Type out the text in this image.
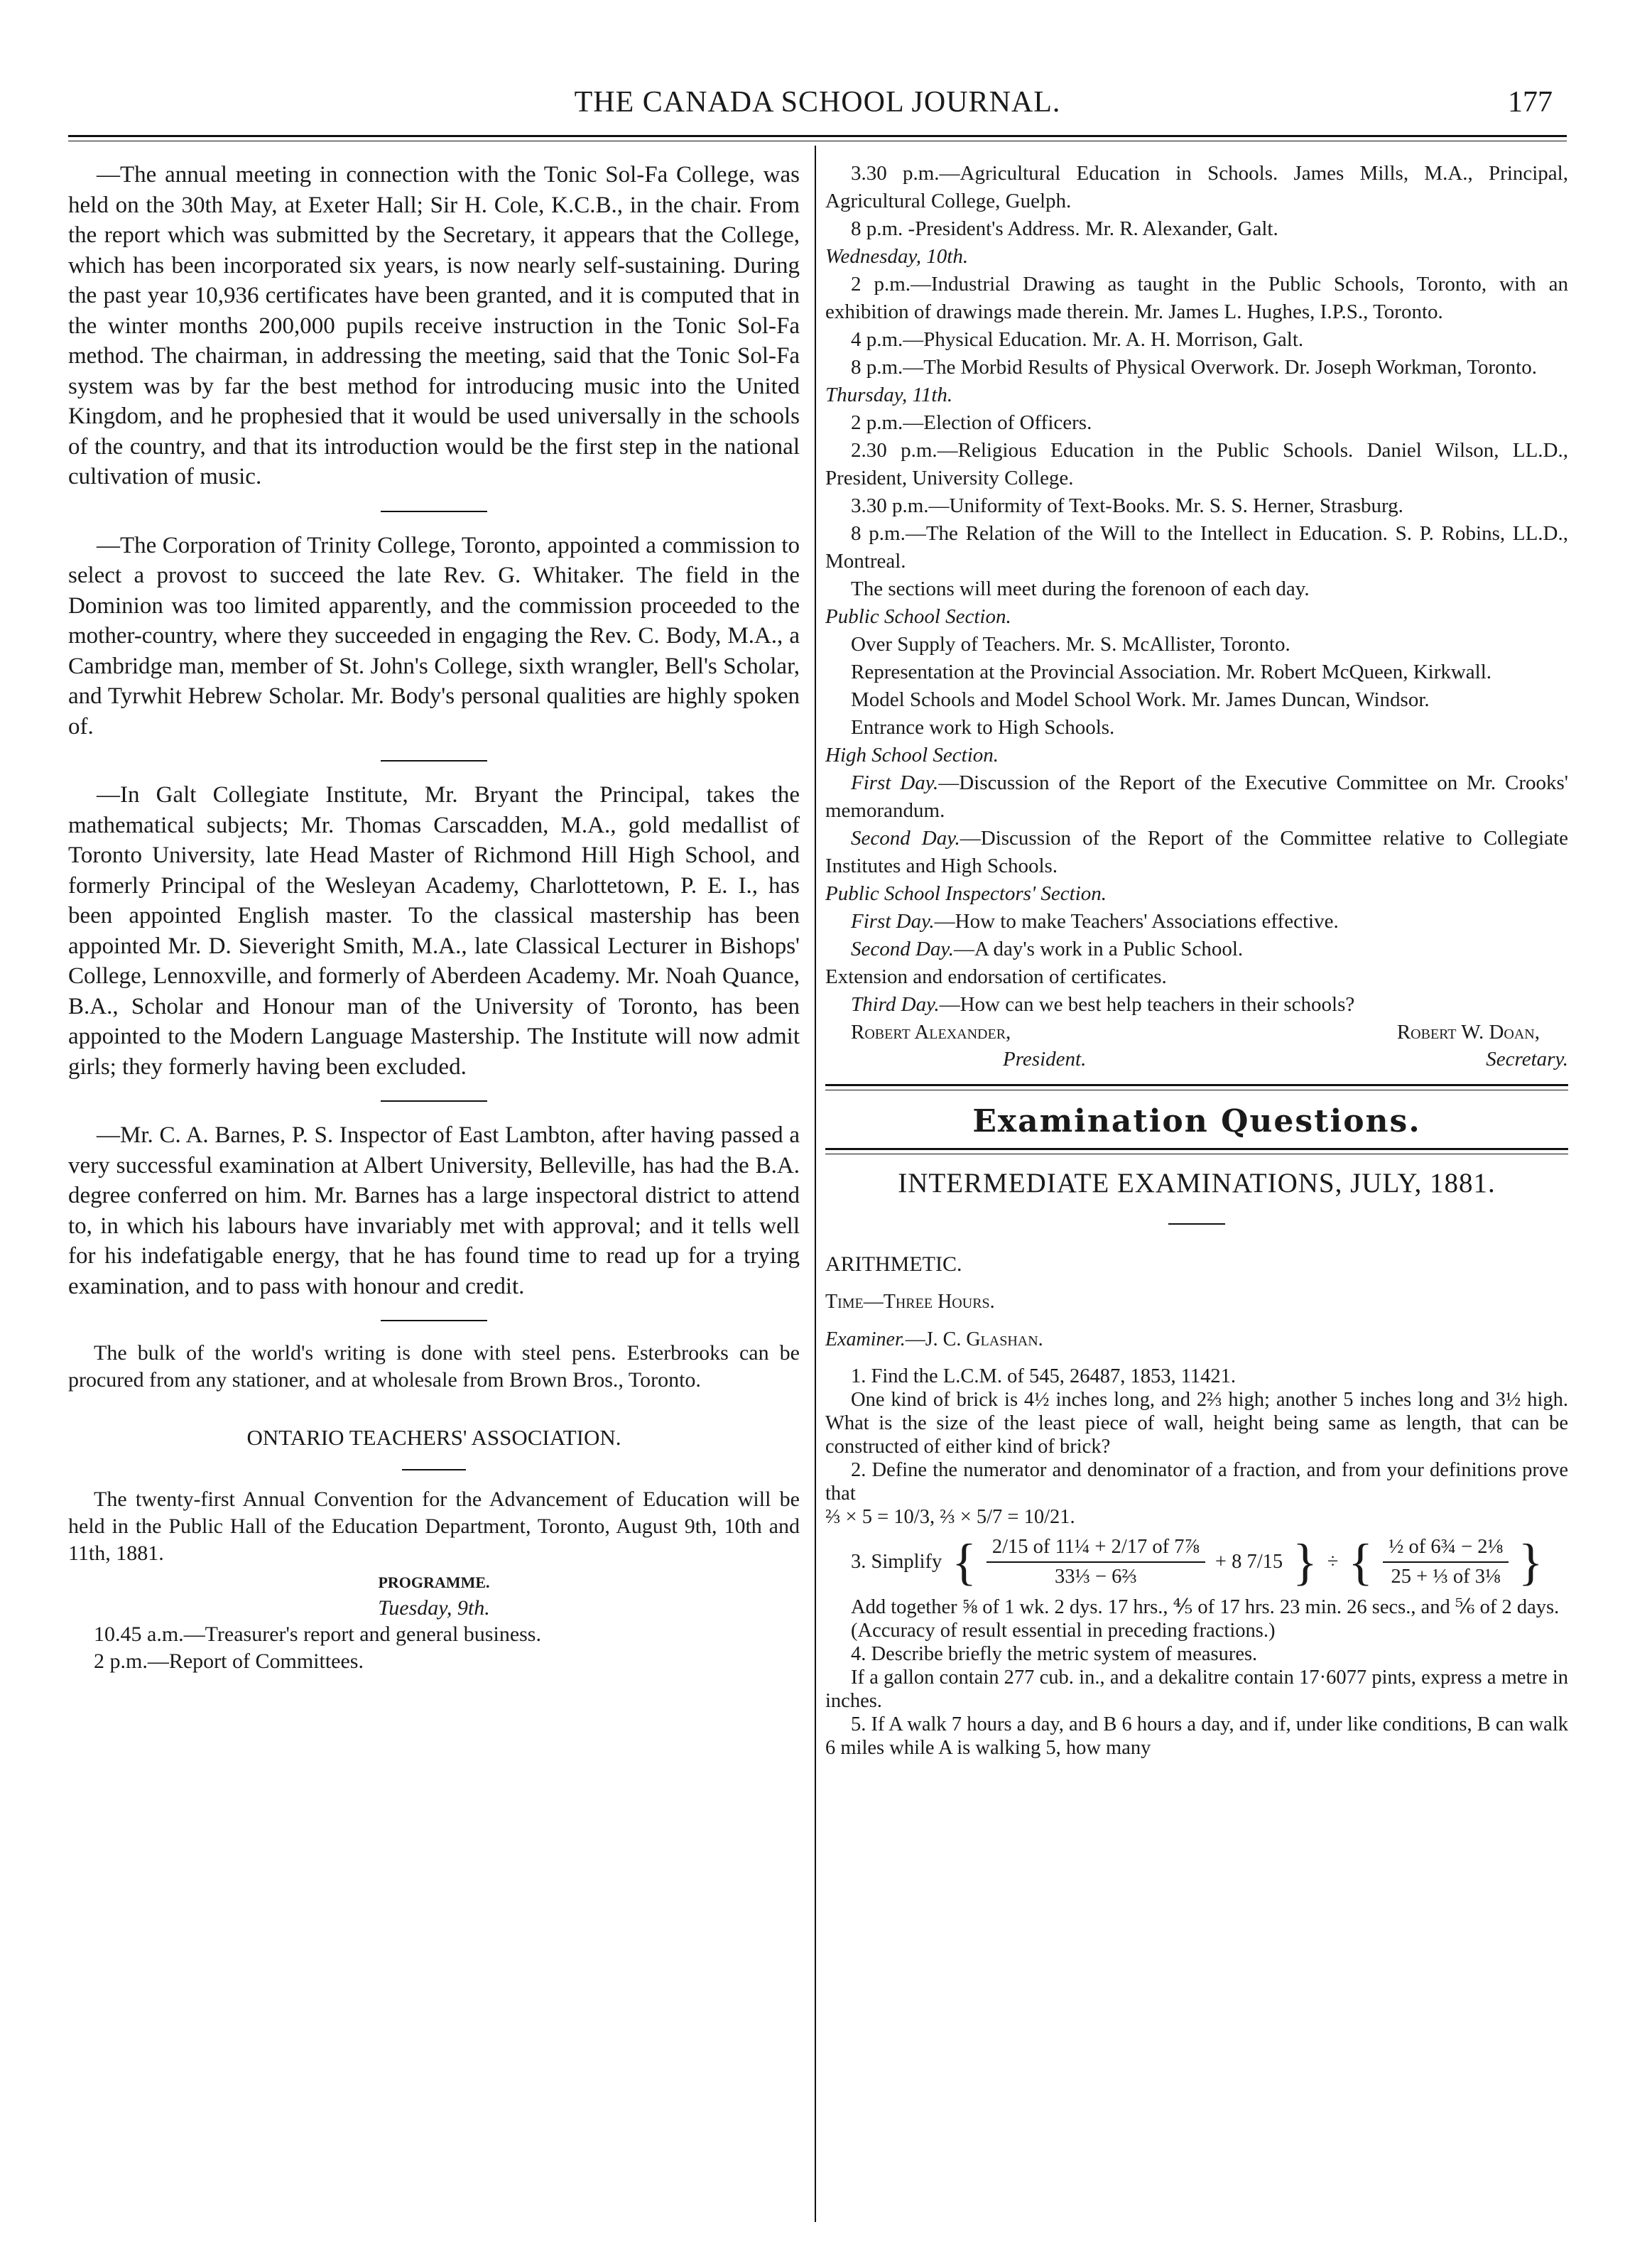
THE CANADA SCHOOL JOURNAL.	177

—The annual meeting in connection with the Tonic Sol-Fa College, was held on the 30th May, at Exeter Hall; Sir H. Cole, K.C.B., in the chair. From the report which was submitted by the Secretary, it appears that the College, which has been incorporated six years, is now nearly self-sustaining. During the past year 10,936 certificates have been granted, and it is computed that in the winter months 200,000 pupils receive instruction in the Tonic Sol-Fa method. The chairman, in addressing the meeting, said that the Tonic Sol-Fa system was by far the best method for introducing music into the United Kingdom, and he prophesied that it would be used universally in the schools of the country, and that its introduction would be the first step in the national cultivation of music.

—The Corporation of Trinity College, Toronto, appointed a commission to select a provost to succeed the late Rev. G. Whitaker. The field in the Dominion was too limited apparently, and the commission proceeded to the mother-country, where they succeeded in engaging the Rev. C. Body, M.A., a Cambridge man, member of St. John's College, sixth wrangler, Bell's Scholar, and Tyrwhit Hebrew Scholar. Mr. Body's personal qualities are highly spoken of.

—In Galt Collegiate Institute, Mr. Bryant the Principal, takes the mathematical subjects; Mr. Thomas Carscadden, M.A., gold medallist of Toronto University, late Head Master of Richmond Hill High School, and formerly Principal of the Wesleyan Academy, Charlottetown, P. E. I., has been appointed English master. To the classical mastership has been appointed Mr. D. Sieveright Smith, M.A., late Classical Lecturer in Bishops' College, Lennoxville, and formerly of Aberdeen Academy. Mr. Noah Quance, B.A., Scholar and Honour man of the University of Toronto, has been appointed to the Modern Language Mastership. The Institute will now admit girls; they formerly having been excluded.

—Mr. C. A. Barnes, P. S. Inspector of East Lambton, after having passed a very successful examination at Albert University, Belleville, has had the B.A. degree conferred on him. Mr. Barnes has a large inspectoral district to attend to, in which his labours have invariably met with approval; and it tells well for his indefatigable energy, that he has found time to read up for a trying examination, and to pass with honour and credit.

The bulk of the world's writing is done with steel pens. Esterbrooks can be procured from any stationer, and at wholesale from Brown Bros., Toronto.

ONTARIO TEACHERS' ASSOCIATION.

The twenty-first Annual Convention for the Advancement of Education will be held in the Public Hall of the Education Department, Toronto, August 9th, 10th and 11th, 1881.

PROGRAMME.

Tuesday, 9th.

10.45 a.m.—Treasurer's report and general business.

2 p.m.—Report of Committees.

3.30 p.m.—Agricultural Education in Schools. James Mills, M.A., Principal, Agricultural College, Guelph.

8 p.m. -President's Address. Mr. R. Alexander, Galt.

Wednesday, 10th.

2 p.m.—Industrial Drawing as taught in the Public Schools, Toronto, with an exhibition of drawings made therein. Mr. James L. Hughes, I.P.S., Toronto.

4 p.m.—Physical Education. Mr. A. H. Morrison, Galt.

8 p.m.—The Morbid Results of Physical Overwork. Dr. Joseph Workman, Toronto.

Thursday, 11th.

2 p.m.—Election of Officers.

2.30 p.m.—Religious Education in the Public Schools. Daniel Wilson, LL.D., President, University College.

3.30 p.m.—Uniformity of Text-Books. Mr. S. S. Herner, Strasburg.

8 p.m.—The Relation of the Will to the Intellect in Education. S. P. Robins, LL.D., Montreal.

The sections will meet during the forenoon of each day.

Public School Section.

Over Supply of Teachers. Mr. S. McAllister, Toronto.

Representation at the Provincial Association. Mr. Robert McQueen, Kirkwall.

Model Schools and Model School Work. Mr. James Duncan, Windsor.

Entrance work to High Schools.

High School Section.

First Day.—Discussion of the Report of the Executive Committee on Mr. Crooks' memorandum.

Second Day.—Discussion of the Report of the Committee relative to Collegiate Institutes and High Schools.

Public School Inspectors' Section.

First Day.—How to make Teachers' Associations effective.

Second Day.—A day's work in a Public School.

Extension and endorsation of certificates.

Third Day.—How can we best help teachers in their schools?

Robert Alexander,	Robert W. Doan,
President.	Secretary.
Examination Questions.
INTERMEDIATE EXAMINATIONS, JULY, 1881.

ARITHMETIC.

Time—Three Hours.

Examiner.—J. C. Glashan.

1. Find the L.C.M. of 545, 26487, 1853, 11421.

One kind of brick is 4½ inches long, and 2⅔ high; another 5 inches long and 3½ high. What is the size of the least piece of wall, height being same as length, that can be constructed of either kind of brick?

2. Define the numerator and denominator of a fraction, and from your definitions prove that

⅔ × 5 = 10/3, ⅔ × 5/7 = 10/21.

3. Simplify { $\frac{\text{2/15 of 11¼ + 2/17 of 7⅞}}{\text{33⅓ − 6⅔}} + 8$ 7/15 } ÷ { $\frac{\text{½ of 6¾ − 2⅛}}{\text{25 + ⅓ of 3⅛}}$ }

Add together ⅝ of 1 wk. 2 dys. 17 hrs., ⅘ of 17 hrs. 23 min. 26 secs., and ⅚ of 2 days.

(Accuracy of result essential in preceding fractions.)

4. Describe briefly the metric system of measures.

If a gallon contain 277 cub. in., and a dekalitre contain 17·6077 pints, express a metre in inches.

5. If A walk 7 hours a day, and B 6 hours a day, and if, under like conditions, B can walk 6 miles while A is walking 5, how many
